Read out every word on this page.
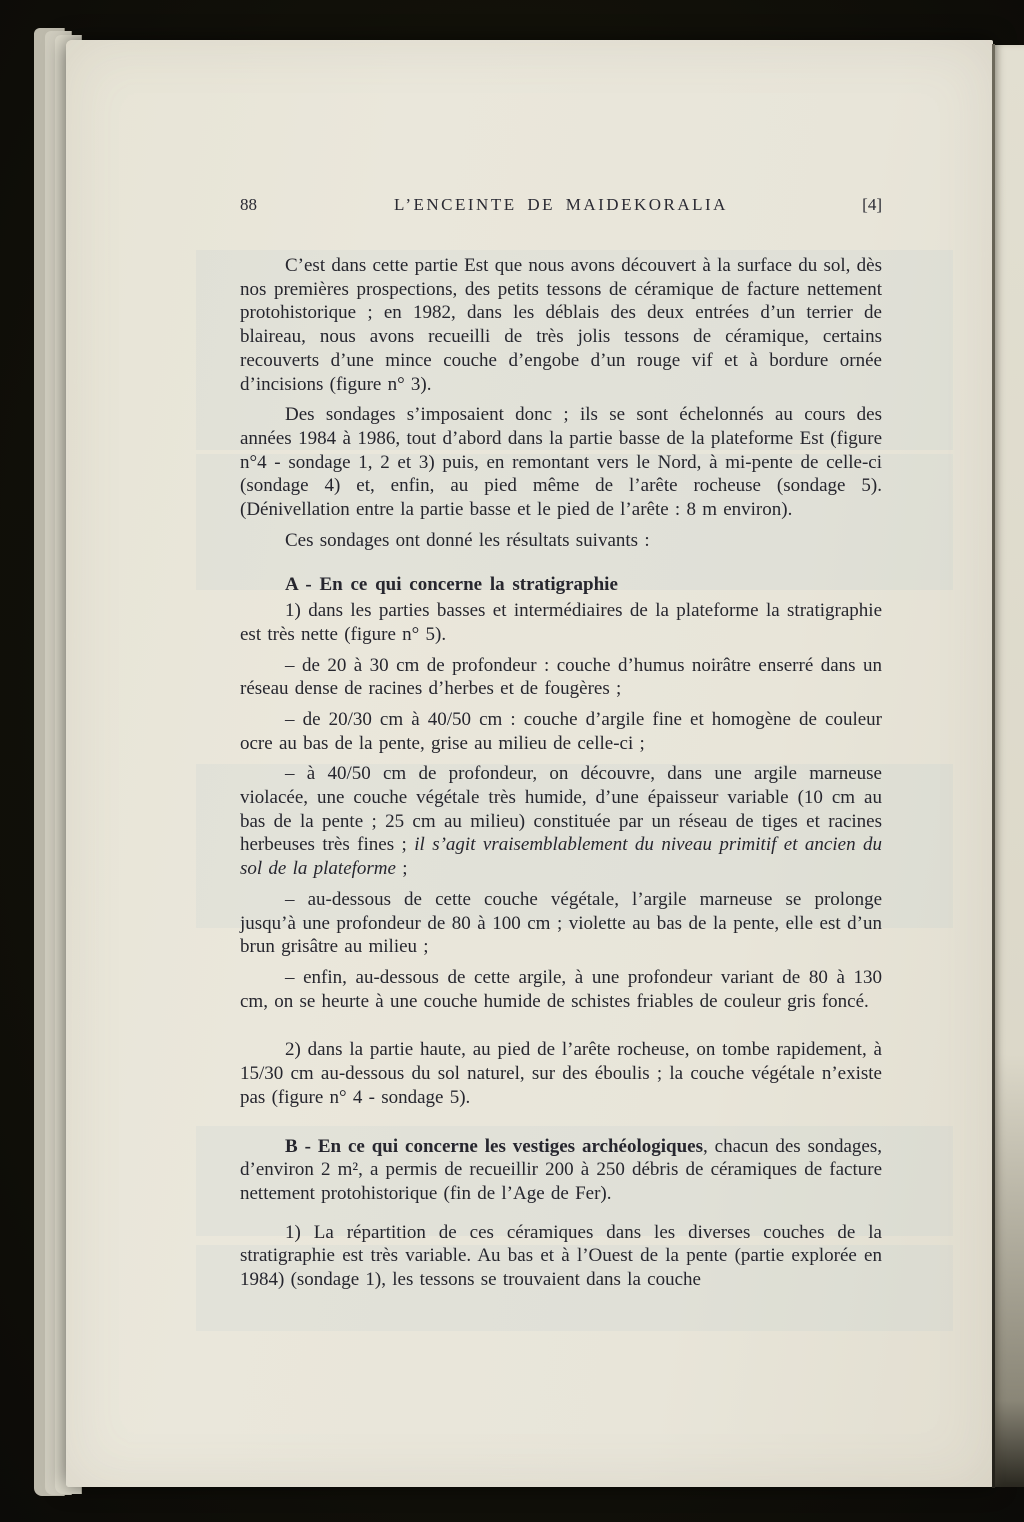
88	L’ENCEINTE DE MAIDEKORALIA	[4]

C’est dans cette partie Est que nous avons découvert à la surface du sol, dès nos premières prospections, des petits tessons de céramique de facture nettement protohistorique ; en 1982, dans les déblais des deux entrées d’un terrier de blaireau, nous avons recueilli de très jolis tessons de céramique, certains recouverts d’une mince couche d’engobe d’un rouge vif et à bordure ornée d’incisions (figure n° 3).

Des sondages s’imposaient donc ; ils se sont échelonnés au cours des années 1984 à 1986, tout d’abord dans la partie basse de la plateforme Est (figure n°4 - sondage 1, 2 et 3) puis, en remontant vers le Nord, à mi-pente de celle-ci (sondage 4) et, enfin, au pied même de l’arête rocheuse (sondage 5). (Dénivellation entre la partie basse et le pied de l’arête : 8 m environ).

Ces sondages ont donné les résultats suivants :

A - En ce qui concerne la stratigraphie

1) dans les parties basses et intermédiaires de la plateforme la stratigraphie est très nette (figure n° 5).

– de 20 à 30 cm de profondeur : couche d’humus noirâtre enserré dans un réseau dense de racines d’herbes et de fougères ;

– de 20/30 cm à 40/50 cm : couche d’argile fine et homogène de couleur ocre au bas de la pente, grise au milieu de celle-ci ;

– à 40/50 cm de profondeur, on découvre, dans une argile marneuse violacée, une couche végétale très humide, d’une épaisseur variable (10 cm au bas de la pente ; 25 cm au milieu) constituée par un réseau de tiges et racines herbeuses très fines ; il s’agit vraisemblablement du niveau primitif et ancien du sol de la plateforme ;

– au-dessous de cette couche végétale, l’argile marneuse se prolonge jusqu’à une profondeur de 80 à 100 cm ; violette au bas de la pente, elle est d’un brun grisâtre au milieu ;

– enfin, au-dessous de cette argile, à une profondeur variant de 80 à 130 cm, on se heurte à une couche humide de schistes friables de couleur gris foncé.

2) dans la partie haute, au pied de l’arête rocheuse, on tombe rapidement, à 15/30 cm au-dessous du sol naturel, sur des éboulis ; la couche végétale n’existe pas (figure n° 4 - sondage 5).

B - En ce qui concerne les vestiges archéologiques, chacun des sondages, d’environ 2 m², a permis de recueillir 200 à 250 débris de céramiques de facture nettement protohistorique (fin de l’Age de Fer).

1) La répartition de ces céramiques dans les diverses couches de la stratigraphie est très variable. Au bas et à l’Ouest de la pente (partie explorée en 1984) (sondage 1), les tessons se trouvaient dans la couche
